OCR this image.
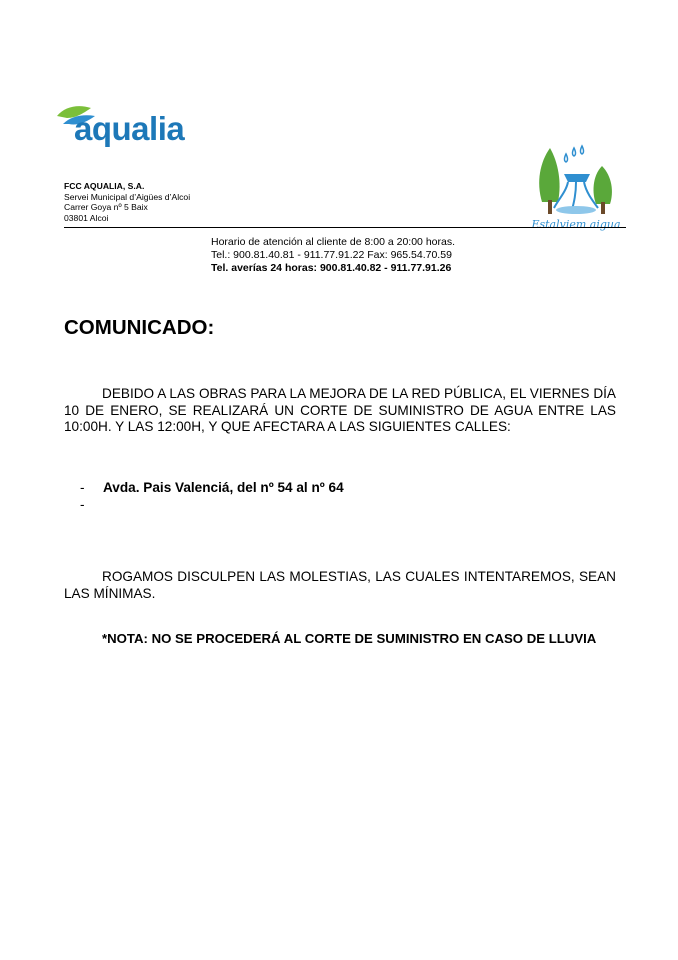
aqualia
FCC AQUALIA, S.A.
Servei Municipal d’Aigües d’Alcoi
Carrer Goya nº 5 Baix
03801 Alcoi
Estalviem aigua
Horario de atención al cliente de 8:00 a 20:00 horas.
Tel.: 900.81.40.81 - 911.77.91.22 Fax: 965.54.70.59
Tel. averías 24 horas: 900.81.40.82 - 911.77.91.26
COMUNICADO:
DEBIDO A LAS OBRAS PARA LA MEJORA DE LA RED PÚBLICA, EL VIERNES DÍA 10 DE ENERO, SE REALIZARÁ UN CORTE DE SUMINISTRO DE AGUA ENTRE LAS 10:00H. Y LAS 12:00H, Y QUE AFECTARA A LAS SIGUIENTES CALLES:
-	Avda. Pais Valenciá, del nº 54 al nº 64
-
ROGAMOS DISCULPEN LAS MOLESTIAS, LAS CUALES INTENTAREMOS, SEAN LAS MÍNIMAS.
*NOTA: NO SE PROCEDERÁ AL CORTE DE SUMINISTRO EN CASO DE LLUVIA
